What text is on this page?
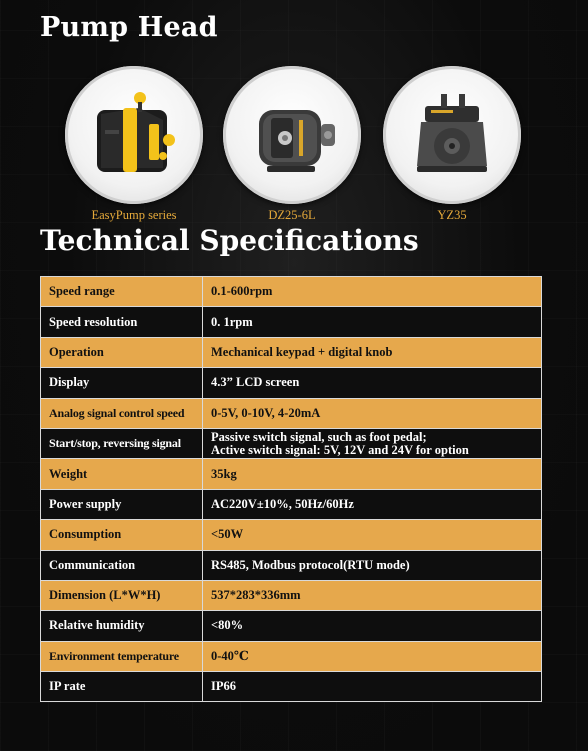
Pump Head
EasyPump series	DZ25-6L	YZ35
Technical Specifications
Speed range	0.1-600rpm
Speed resolution	0. 1rpm
Operation	Mechanical keypad + digital knob
Display	4.3” LCD screen
Analog signal control speed	0-5V, 0-10V, 4-20mA
Start/stop, reversing signal	Passive switch signal, such as foot pedal;
Active switch signal: 5V, 12V and 24V for option

Weight	35kg
Power supply	AC220V±10%, 50Hz/60Hz
Consumption	<50W
Communication	RS485, Modbus protocol(RTU mode)
Dimension (L*W*H)	537*283*336mm
Relative humidity	<80%
Environment temperature	0-40℃
IP rate	IP66
